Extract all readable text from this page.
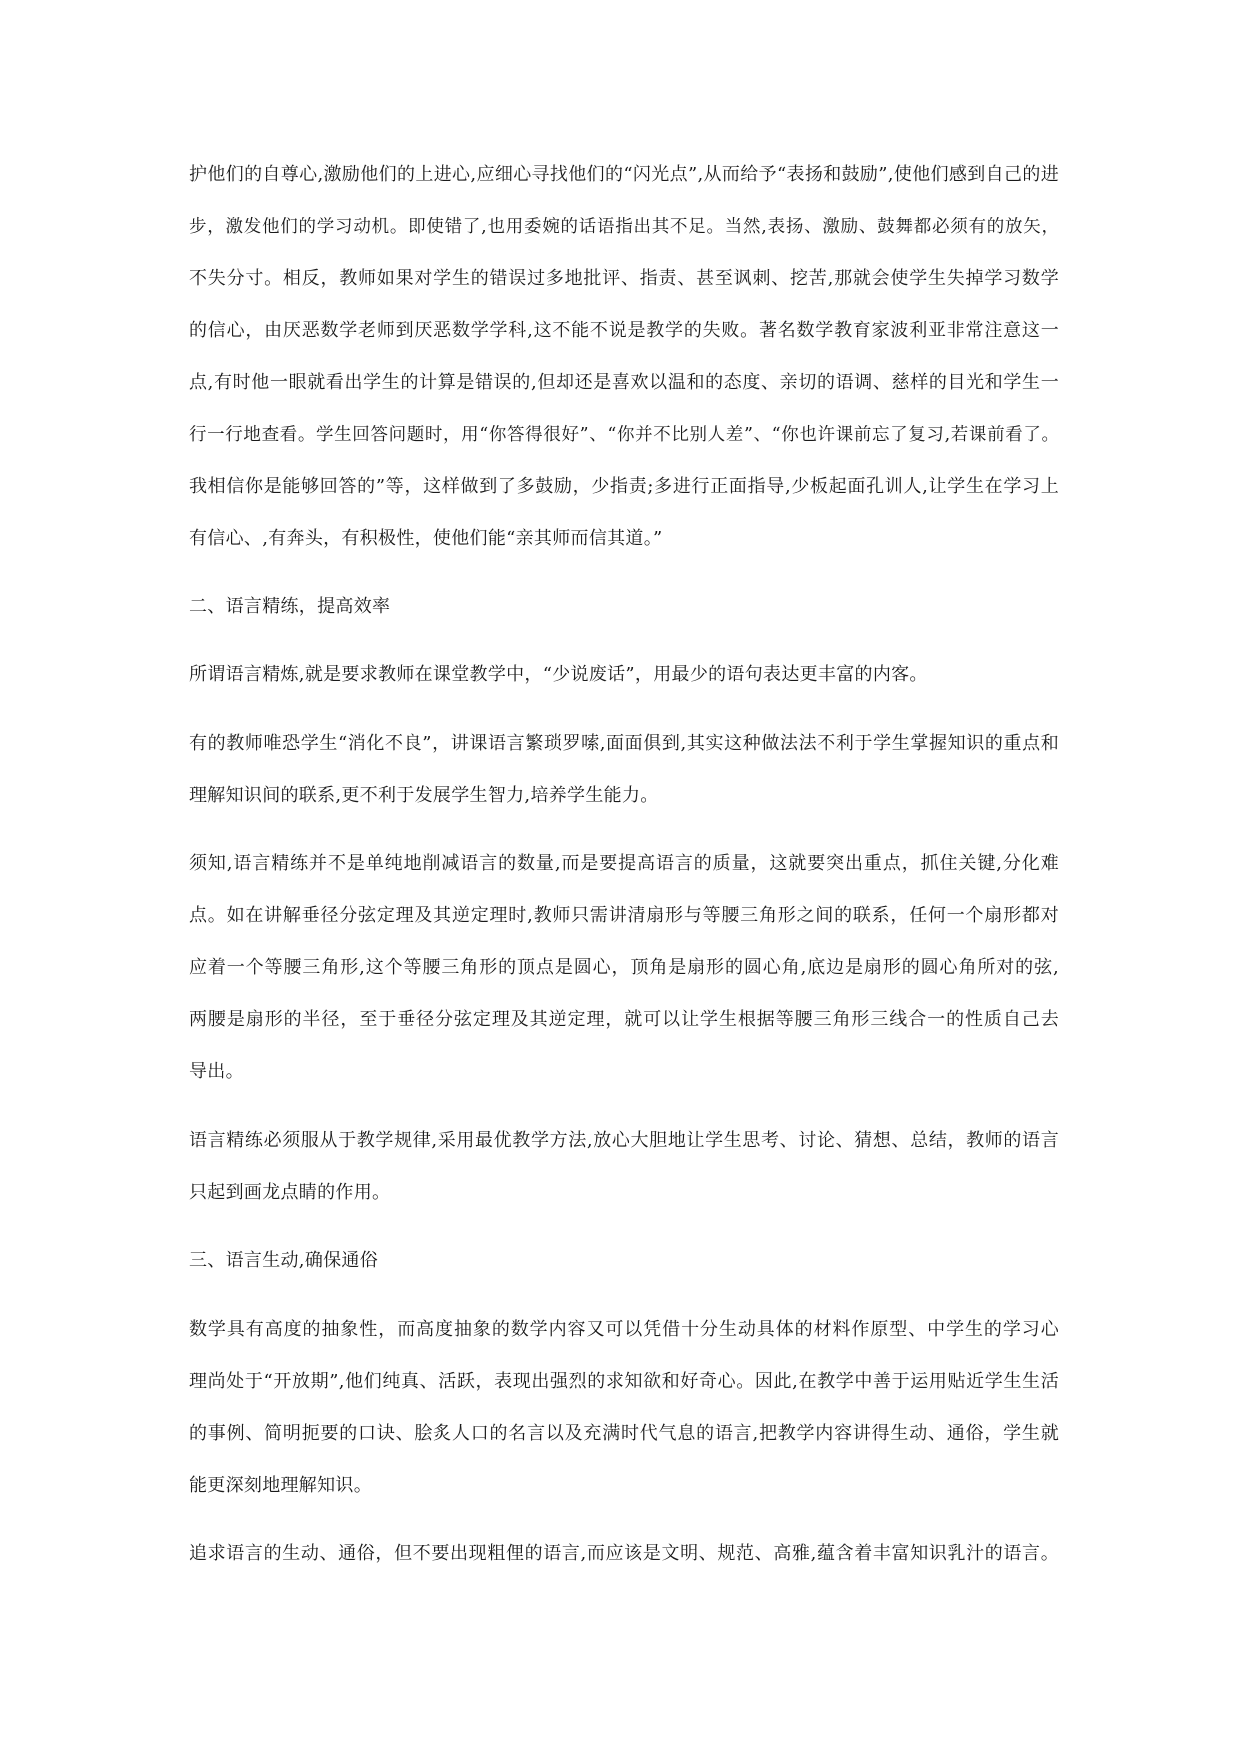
护他们的自尊心,激励他们的上进心,应细心寻找他们的“闪光点”,从而给予“表扬和鼓励”,使他们感到自己的进
步，激发他们的学习动机。即使错了,也用委婉的话语指出其不足。当然,表扬、激励、鼓舞都必须有的放矢，
不失分寸。相反，教师如果对学生的错误过多地批评、指责、甚至讽刺、挖苦,那就会使学生失掉学习数学
的信心，由厌恶数学老师到厌恶数学学科,这不能不说是教学的失败。著名数学教育家波利亚非常注意这一
点,有时他一眼就看出学生的计算是错误的,但却还是喜欢以温和的态度、亲切的语调、慈样的目光和学生一
行一行地查看。学生回答问题时，用“你答得很好”、“你并不比别人差”、“你也许课前忘了复习,若课前看了。
我相信你是能够回答的”等，这样做到了多鼓励，少指责;多进行正面指导,少板起面孔训人,让学生在学习上
有信心、,有奔头，有积极性，使他们能“亲其师而信其道。”
二、语言精练，提高效率
所谓语言精炼,就是要求教师在课堂教学中，“少说废话”，用最少的语句表达更丰富的内客。
有的教师唯恐学生“消化不良”，讲课语言繁琐罗嗦,面面俱到,其实这种做法法不利于学生掌握知识的重点和
理解知识间的联系,更不利于发展学生智力,培养学生能力。
须知,语言精练并不是单纯地削减语言的数量,而是要提高语言的质量，这就要突出重点，抓住关键,分化难
点。如在讲解垂径分弦定理及其逆定理时,教师只需讲清扇形与等腰三角形之间的联系，任何一个扇形都对
应着一个等腰三角形,这个等腰三角形的顶点是圆心，顶角是扇形的圆心角,底边是扇形的圆心角所对的弦,
两腰是扇形的半径，至于垂径分弦定理及其逆定理，就可以让学生根据等腰三角形三线合一的性质自己去
导出。
语言精练必须服从于教学规律,采用最优教学方法,放心大胆地让学生思考、讨论、猜想、总结，教师的语言
只起到画龙点睛的作用。
三、语言生动,确保通俗
数学具有高度的抽象性，而高度抽象的数学内容又可以凭借十分生动具体的材料作原型、中学生的学习心
理尚处于“开放期”,他们纯真、活跃，表现出强烈的求知欲和好奇心。因此,在教学中善于运用贴近学生生活
的事例、简明扼要的口诀、脍炙人口的名言以及充满时代气息的语言,把教学内容讲得生动、通俗，学生就
能更深刻地理解知识。
追求语言的生动、通俗，但不要出现粗俚的语言,而应该是文明、规范、高雅,蕴含着丰富知识乳汁的语言。
